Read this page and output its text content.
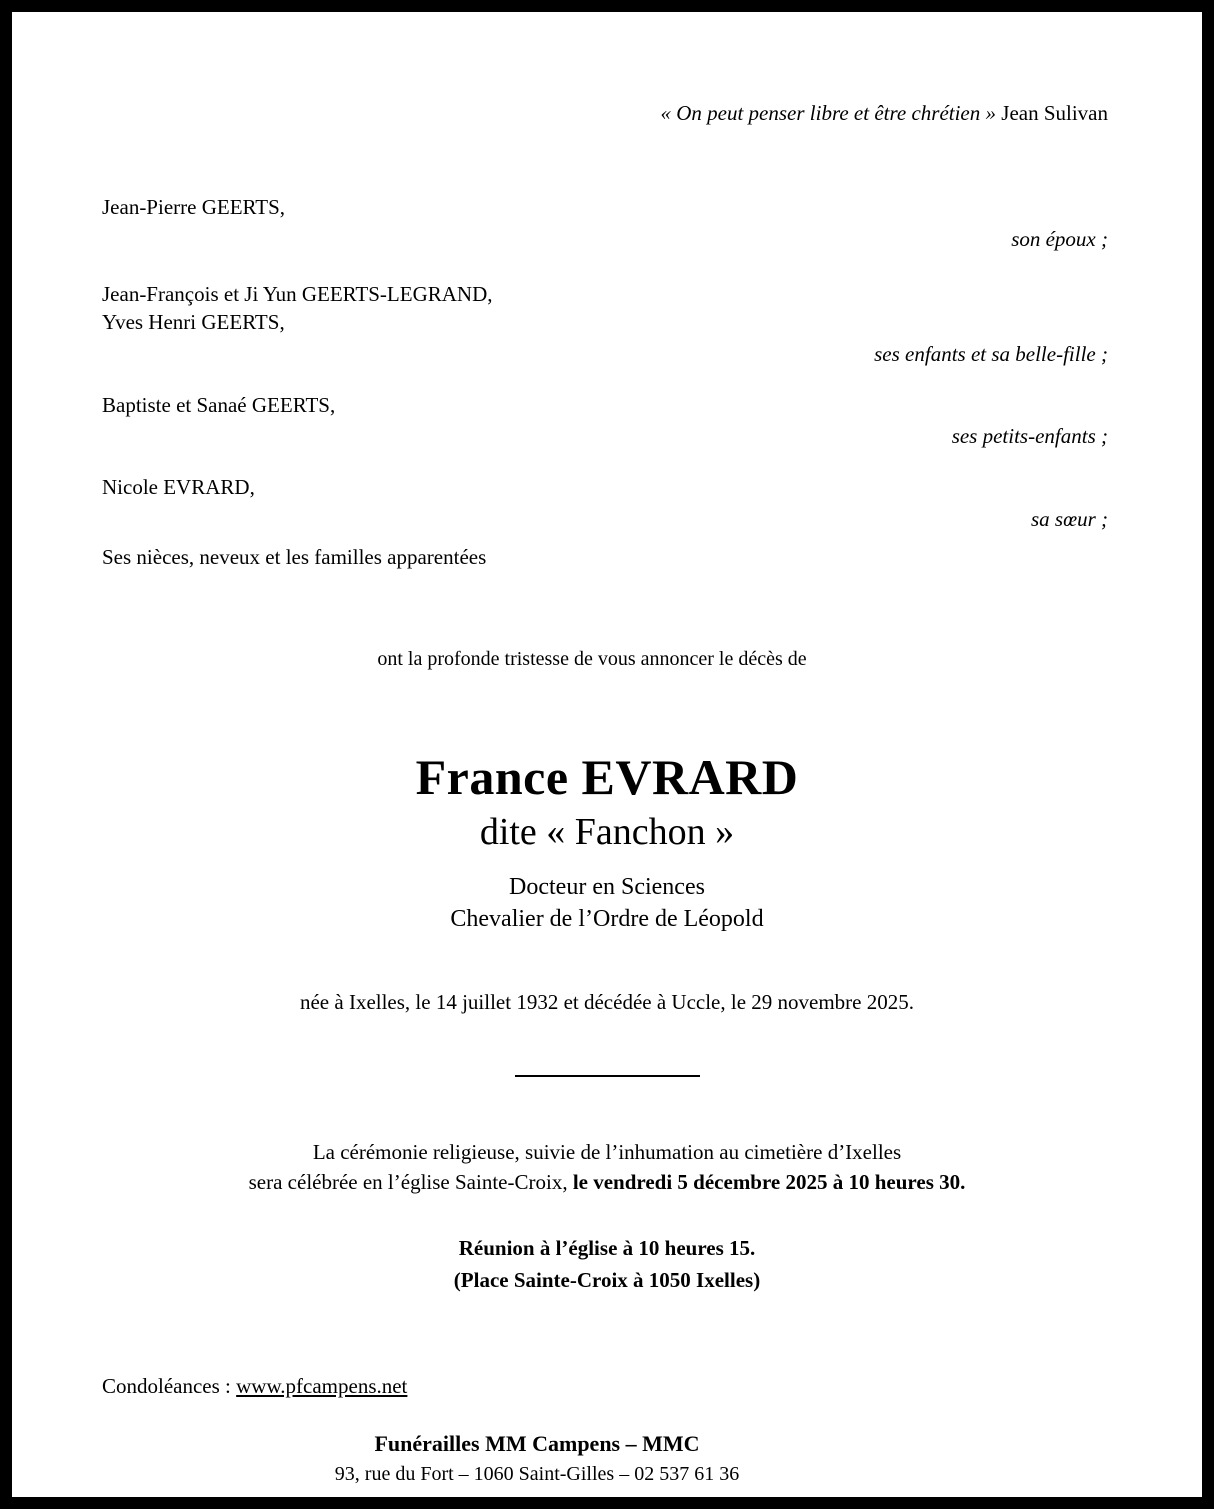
« On peut penser libre et être chrétien » Jean Sulivan
Jean-Pierre GEERTS,
son époux ;
Jean-François et Ji Yun GEERTS-LEGRAND,
Yves Henri GEERTS,
ses enfants et sa belle-fille ;
Baptiste et Sanaé GEERTS,
ses petits-enfants ;
Nicole EVRARD,
sa sœur ;
Ses nièces, neveux et les familles apparentées
ont la profonde tristesse de vous annoncer le décès de
France EVRARD
dite « Fanchon »
Docteur en Sciences
Chevalier de l’Ordre de Léopold
née à Ixelles, le 14 juillet 1932 et décédée à Uccle, le 29 novembre 2025.
La cérémonie religieuse, suivie de l’inhumation au cimetière d’Ixelles
sera célébrée en l’église Sainte-Croix, le vendredi 5 décembre 2025 à 10 heures 30.
Réunion à l’église à 10 heures 15.
(Place Sainte-Croix à 1050 Ixelles)
Condoléances : www.pfcampens.net
Funérailles MM Campens – MMC
93, rue du Fort – 1060 Saint-Gilles – 02 537 61 36
